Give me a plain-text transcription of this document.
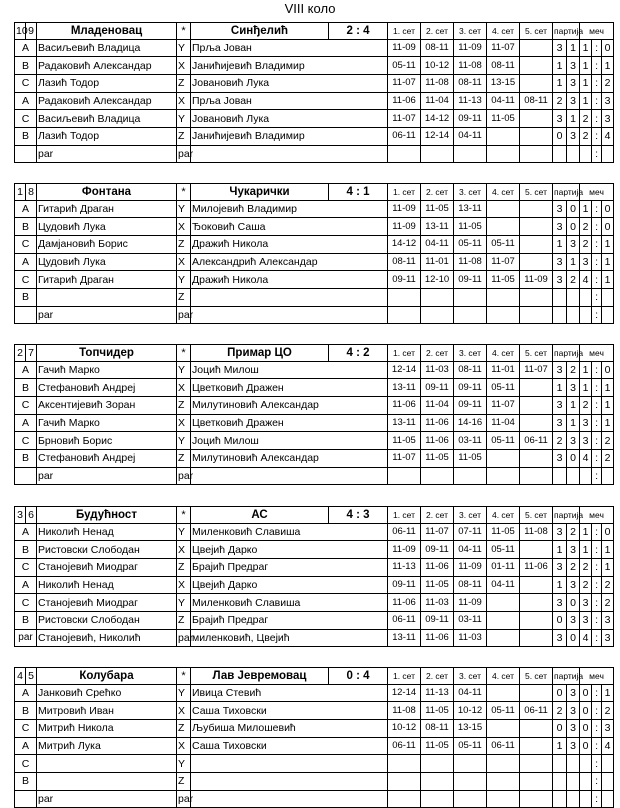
VIII коло
10	9	Младеновац	*	Синђелић	2 : 4	1. сет	2. сет	3. сет	4. сет	5. сет	партија		меч		
A		Васиљевић Владица	Y	Прља Јован		11-09	08-11	11-09	11-07		3	1	1	:	0
B		Радаковић Александар	X	Јанићијевић Владимир		05-11	10-12	11-08	08-11		1	3	1	:	1
C		Лазић Тодор	Z	Јовановић Лука		11-07	11-08	08-11	13-15		1	3	1	:	2
A		Радаковић Александар	X	Прља Јован		11-06	11-04	11-13	04-11	08-11	2	3	1	:	3
C		Васиљевић Владица	Y	Јовановић Лука		11-07	14-12	09-11	11-05		3	1	2	:	3
B		Лазић Тодор	Z	Јанићијевић Владимир		06-11	12-14	04-11			0	3	2	:	4
		par	par											:	
1	8	Фонтана	*	Чукарички	4 : 1	1. сет	2. сет	3. сет	4. сет	5. сет	партија		меч		
A		Гитарић Драган	Y	Милојевић Владимир		11-09	11-05	13-11			3	0	1	:	0
B		Цудовић Лука	X	Ђоковић Саша		11-09	13-11	11-05			3	0	2	:	0
C		Дамјановић Борис	Z	Дражић Никола		14-12	04-11	05-11	05-11		1	3	2	:	1
A		Цудовић Лука	X	Александрић Александар		08-11	11-01	11-08	11-07		3	1	3	:	1
C		Гитарић Драган	Y	Дражић Никола		09-11	12-10	09-11	11-05	11-09	3	2	4	:	1
B			Z											:	
		par	par											:	
2	7	Топчидер	*	Примар ЦО	4 : 2	1. сет	2. сет	3. сет	4. сет	5. сет	партија		меч		
A		Гачић Марко	Y	Јоцић Милош		12-14	11-03	08-11	11-01	11-07	3	2	1	:	0
B		Стефановић Андреј	X	Цветковић Дражен		13-11	09-11	09-11	05-11		1	3	1	:	1
C		Аксентијевић Зоран	Z	Милутиновић Александар		11-06	11-04	09-11	11-07		3	1	2	:	1
A		Гачић Марко	X	Цветковић Дражен		13-11	11-06	14-16	11-04		3	1	3	:	1
C		Брновић Борис	Y	Јоцић Милош		11-05	11-06	03-11	05-11	06-11	2	3	3	:	2
B		Стефановић Андреј	Z	Милутиновић Александар		11-07	11-05	11-05			3	0	4	:	2
		par	par											:	
3	6	Будућност	*	АС	4 : 3	1. сет	2. сет	3. сет	4. сет	5. сет	партија		меч		
A		Николић Ненад	Y	Миленковић Славиша		06-11	11-07	07-11	11-05	11-08	3	2	1	:	0
B		Ристовски Слободан	X	Цвејић Дарко		11-09	09-11	04-11	05-11		1	3	1	:	1
C		Станојевић Миодраг	Z	Брајић Предраг		11-13	11-06	11-09	01-11	11-06	3	2	2	:	1
A		Николић Ненад	X	Цвејић Дарко		09-11	11-05	08-11	04-11		1	3	2	:	2
C		Станојевић Миодраг	Y	Миленковић Славиша		11-06	11-03	11-09			3	0	3	:	2
B		Ристовски Слободан	Z	Брајић Предраг		06-11	09-11	03-11			0	3	3	:	3
par		Станојевић, Николић	par	миленковић, Цвејић		13-11	11-06	11-03			3	0	4	:	3
4	5	Колубара	*	Лав Јевремовац	0 : 4	1. сет	2. сет	3. сет	4. сет	5. сет	партија		меч		
A		Јанковић Срећко	Y	Ивица Стевић		12-14	11-13	04-11			0	3	0	:	1
B		Митровић Иван	X	Саша Тиховски		11-08	11-05	10-12	05-11	06-11	2	3	0	:	2
C		Митрић Никола	Z	Љубиша Милошевић		10-12	08-11	13-15			0	3	0	:	3
A		Митрић Лука	X	Саша Тиховски		06-11	11-05	05-11	06-11		1	3	0	:	4
C			Y											:	
B			Z											:	
		par	par											:	
